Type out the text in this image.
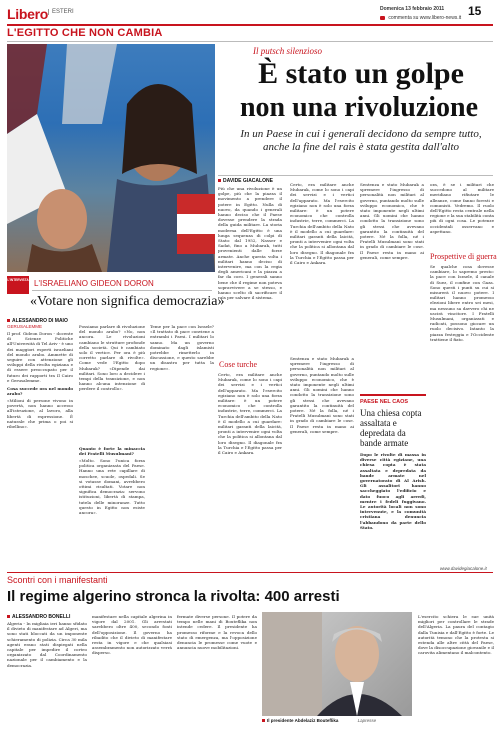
Libero ESTERI	Domenica 13 febbraio 2011 15
commenta su www.libero-news.it
L'EGITTO CHE NON CAMBIA
Il putsch silenzioso
È stato un golpe
non una rivoluzione
In un Paese in cui i generali decidono da sempre tutto, anche la fine del raìs è stata gestita dall'alto
DAVIDE GIACALONE

Più che una rivoluzione è un golpe, più che la piazza il movimento a prendere il potere in Egitto. Nulla di nuovo, da quando i generali hanno deciso che il Paese dovesse prendere la strada della guida militare. La storia moderna dell'Egitto è una lunga sequenza di colpi di Stato: dal 1952, Nasser e Sadat, fino a Mubarak, tutti provenienti dalle forze armate. Anche questa volta i militari hanno deciso di intervenire, ma con la regia degli americani e la piazza a far da coro. I generali sanno bene che il regime non poteva sopravvivere a se stesso, e hanno scelto di sacrificare il raìs per salvare il sistema.

Certo, era militare anche Mubarak, come lo sono i capi dei servizi e i vertici dell'apparato. Ma l'esercito egiziano non è solo una forza militare: è un potere economico che controlla industrie, terre, commerci. La Turchia dell'ambito della Nato è il modello a cui guardare: militari garanti della laicità, pronti a intervenire ogni volta che la politica si allontana dal loro disegno. Il diagonale fra la Turchia e l'Egitto passa per il Cairo e Ankara.

Sentenza e stato Mubarak a spremere l'ingresso di personalità non militari al governo, puntando molto sulle sviluppo economico, che è stato imponente negli ultimi anni. Gli uomini che hanno condotto la transizione sono gli stessi che avevano garantito la continuità del potere. Né la folla, né i Fratelli Musulmani sono stati in grado di cambiare le cose. Il Paese resta in mano ai generali, come sempre.

ora, è se i militari che succedono al militare meridiano rifiutare le alleanze, come fanno foresti e comunisti. Vedremo. Il ruolo dell'Egitto resta centrale nella regione e la sua stabilità conta più di ogni cosa. Le potenze occidentali osservano e aspettano.

Prospettive di guerra

Se qualche cosa dovesse cambiare, lo sapremo presto: la pace con Israele, il canale di Suez, il confine con Gaza. Sono questi i punti su cui si misurerà il nuovo potere. I militari hanno promesso elezioni libere entro sei mesi, ma nessuno sa davvero chi ne uscirà vincitore. I Fratelli Musulmani, organizzati e radicati, possono giocare un ruolo decisivo. Intanto la piazza festeggia e l'Occidente trattiene il fiato.

Cose turche

Certo, era militare anche Mubarak, come lo sono i capi dei servizi e i vertici dell'apparato. Ma l'esercito egiziano non è solo una forza militare: è un potere economico che controlla industrie, terre, commerci. La Turchia dell'ambito della Nato è il modello a cui guardare: militari garanti della laicità, pronti a intervenire ogni volta che la politica si allontana dal loro disegno. Il diagonale fra la Turchia e l'Egitto passa per il Cairo e Ankara.

Sentenza e stato Mubarak a spremere l'ingresso di personalità non militari al governo, puntando molto sulle sviluppo economico, che è stato imponente negli ultimi anni. Gli uomini che hanno condotto la transizione sono gli stessi che avevano garantito la continuità del potere. Né la folla, né i Fratelli Musulmani sono stati in grado di cambiare le cose. Il Paese resta in mano ai generali, come sempre.

www.davidegiacalone.it
PAESE NEL CAOS
Una chiesa copta assaltata e depredata da bande armate

Dopo le rivolte di massa in diverse città egiziane, una chiesa copta è stata assaltata e depredata da bande armate nel governatorato di Al Arish. Gli assalitori hanno saccheggiato l'edificio e dato fuoco agli arredi, mentre i fedeli fuggivano. Le autorità locali non sono intervenute, e la comunità cristiana denuncia l'abbandono da parte dello Stato.

L'INTERVISTA L'ISRAELIANO GIDEON DORON
«Votare non significa democrazia»
ALESSANDRO DI MAIO
GERUSALEMME

Il prof. Gideon Doron - docente di Scienze Politiche all'Università di Tel Aviv - è uno dei maggiori esperti israeliani del mondo arabo. Ammette di seguire con attenzione gli sviluppi della rivolta egiziana e di essere preoccupato per il futuro dei rapporti tra Il Cairo e Gerusalemme.

Cosa succede ora nel mondo arabo?

«Milioni di persone vivono in povertà, non hanno accesso all'istruzione, al lavoro, alla libertà di espressione. È naturale che prima o poi si ribellino».

Possiamo parlare di rivoluzione del mondo arabo? «No, non ancora. Le rivoluzioni cambiano le strutture profonde della società. Qui è cambiato solo il vertice. Per ora è più corretto parlare di rivolte». Come vede l'Egitto dopo Mubarak? «Dipende dai militari. Sono loro a decidere i tempi della transizione, e non hanno alcuna intenzione di perdere il controllo».

Quanto è forte la minaccia dei Fratelli Musulmani?

«Molto. Sono l'unica forza politica organizzata del Paese. Hanno una rete capillare di moschee, scuole, ospedali. Se si votasse domani, avrebbero ottimi risultati. Votare non significa democrazia: servono istituzioni, libertà di stampa, tutela delle minoranze. Tutto questo in Egitto non esiste ancora».

Teme per la pace con Israele? «Il trattato di pace conviene a entrambi i Paesi. I militari lo sanno. Ma un governo dominato dagli islamisti potrebbe rimetterlo in discussione, e questo sarebbe un disastro per tutta la regione».

Scontri con i manifestanti
Il regime algerino stronca la rivolta: 400 arresti
ALESSANDRO BONELLI

Algeria - In migliaia ieri hanno sfidato il divieto di manifestare ad Algeri, ma sono stati bloccati da un imponente schieramento di polizia. Circa 30 mila agenti erano stati dispiegati nella capitale per impedire il corteo organizzato dal Coordinamento nazionale per il cambiamento e la democrazia.

manifestare nella capitale algerina in vigore dal 2001. Gli arrestati sarebbero oltre 400, secondo fonti dell'opposizione. Il governo ha ribadito che il divieto di manifestare resta in vigore e che qualsiasi assembramento non autorizzato verrà disperso.

fermate diverse persone. Il potere da tempo nelle mani di Bouteflika non intende cedere. Il presidente ha promesso riforme e la revoca dello stato di emergenza, ma l'opposizione denuncia le promesse come vuote e annuncia nuove mobilitazioni.

Il presidente Abdelaziz Bouteflika	Lapresse

L'esercito schiera le sue unità migliori per controllare le strade dell'Algeria. La paura del contagio dalla Tunisia e dall'Egitto è forte. Le autorità temono che la protesta si estenda alle altre città del Paese, dove la disoccupazione giovanile e il carovita alimentano il malcontento.
